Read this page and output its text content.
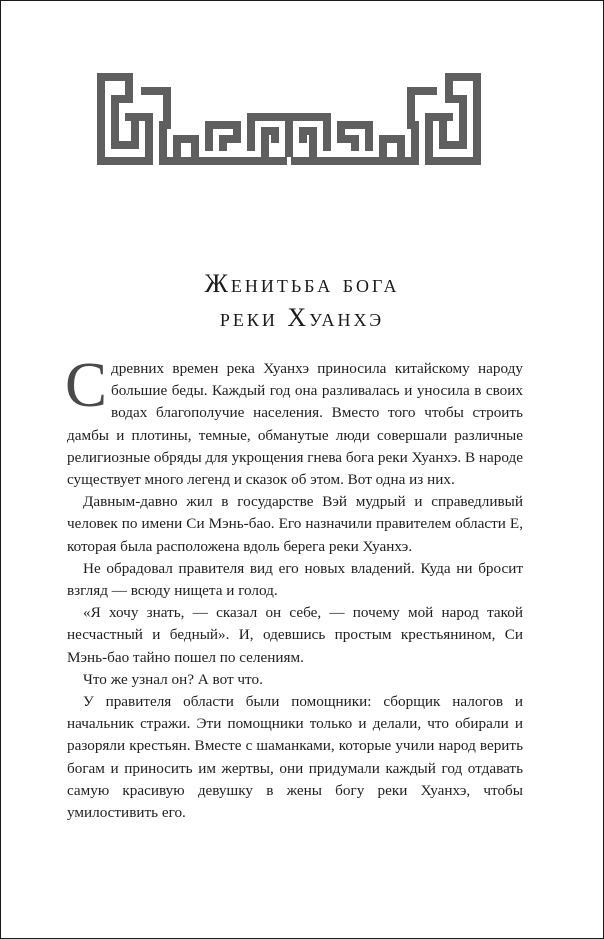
Женитьба бога
реки Хуанхэ

Сдревних времен река Хуанхэ приносила китайскому народу большие беды. Каждый год она разливалась и уносила в своих водах благополучие населения. Вместо того чтобы строить дамбы и плотины, темные, обманутые люди совершали различные религиозные обряды для укрощения гнева бога реки Хуанхэ. В народе существует много легенд и сказок об этом. Вот одна из них.

Давным-давно жил в государстве Вэй мудрый и справедливый человек по имени Си Мэнь-бао. Его назначили правителем области Е, которая была расположена вдоль берега реки Хуанхэ.

Не обрадовал правителя вид его новых владений. Куда ни бросит взгляд — всюду нищета и голод.

«Я хочу знать, — сказал он себе, — почему мой народ такой несчастный и бедный». И, одевшись простым крестьянином, Си Мэнь-бао тайно пошел по селениям.

Что же узнал он? А вот что.

У правителя области были помощники: сборщик налогов и начальник стражи. Эти помощники только и делали, что обирали и разоряли крестьян. Вместе с шаманками, которые учили народ верить богам и приносить им жертвы, они придумали каждый год отдавать самую красивую девушку в жены богу реки Хуанхэ, чтобы умилостивить его.
